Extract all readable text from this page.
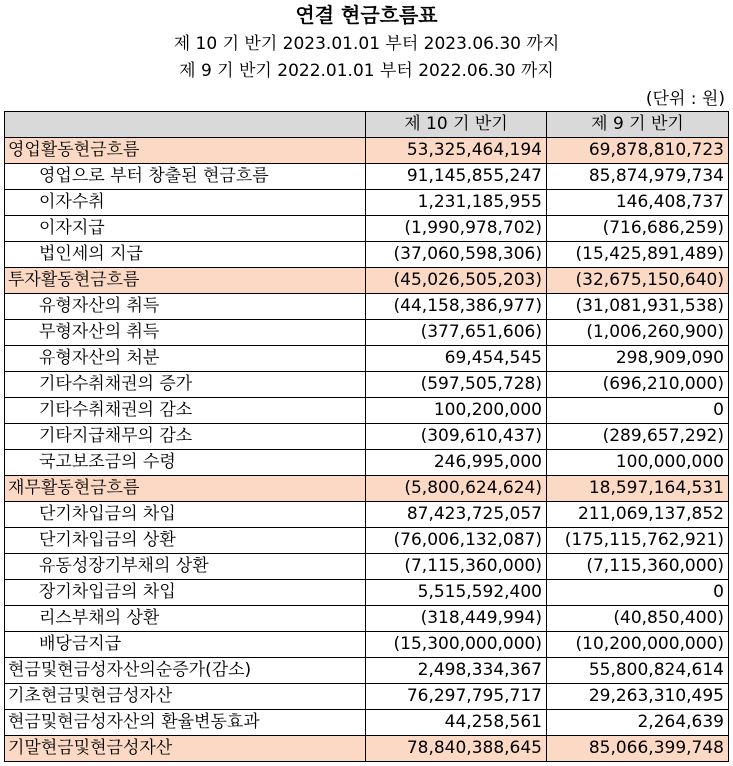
연결 현금흐름표
제 10 기 반기 2023.01.01 부터 2023.06.30 까지
제 9 기 반기 2022.01.01 부터 2022.06.30 까지
(단위 : 원)
	제 10 기 반기	제 9 기 반기
영업활동현금흐름	53,325,464,194	69,878,810,723
영업으로 부터 창출된 현금흐름	91,145,855,247	85,874,979,734
이자수취	1,231,185,955	146,408,737
이자지급	(1,990,978,702)	(716,686,259)
법인세의 지급	(37,060,598,306)	(15,425,891,489)
투자활동현금흐름	(45,026,505,203)	(32,675,150,640)
유형자산의 취득	(44,158,386,977)	(31,081,931,538)
무형자산의 취득	(377,651,606)	(1,006,260,900)
유형자산의 처분	69,454,545	298,909,090
기타수취채권의 증가	(597,505,728)	(696,210,000)
기타수취채권의 감소	100,200,000	0
기타지급채무의 감소	(309,610,437)	(289,657,292)
국고보조금의 수령	246,995,000	100,000,000
재무활동현금흐름	(5,800,624,624)	18,597,164,531
단기차입금의 차입	87,423,725,057	211,069,137,852
단기차입금의 상환	(76,006,132,087)	(175,115,762,921)
유동성장기부채의 상환	(7,115,360,000)	(7,115,360,000)
장기차입금의 차입	5,515,592,400	0
리스부채의 상환	(318,449,994)	(40,850,400)
배당금지급	(15,300,000,000)	(10,200,000,000)
현금및현금성자산의순증가(감소)	2,498,334,367	55,800,824,614
기초현금및현금성자산	76,297,795,717	29,263,310,495
현금및현금성자산의 환율변동효과	44,258,561	2,264,639
기말현금및현금성자산	78,840,388,645	85,066,399,748
